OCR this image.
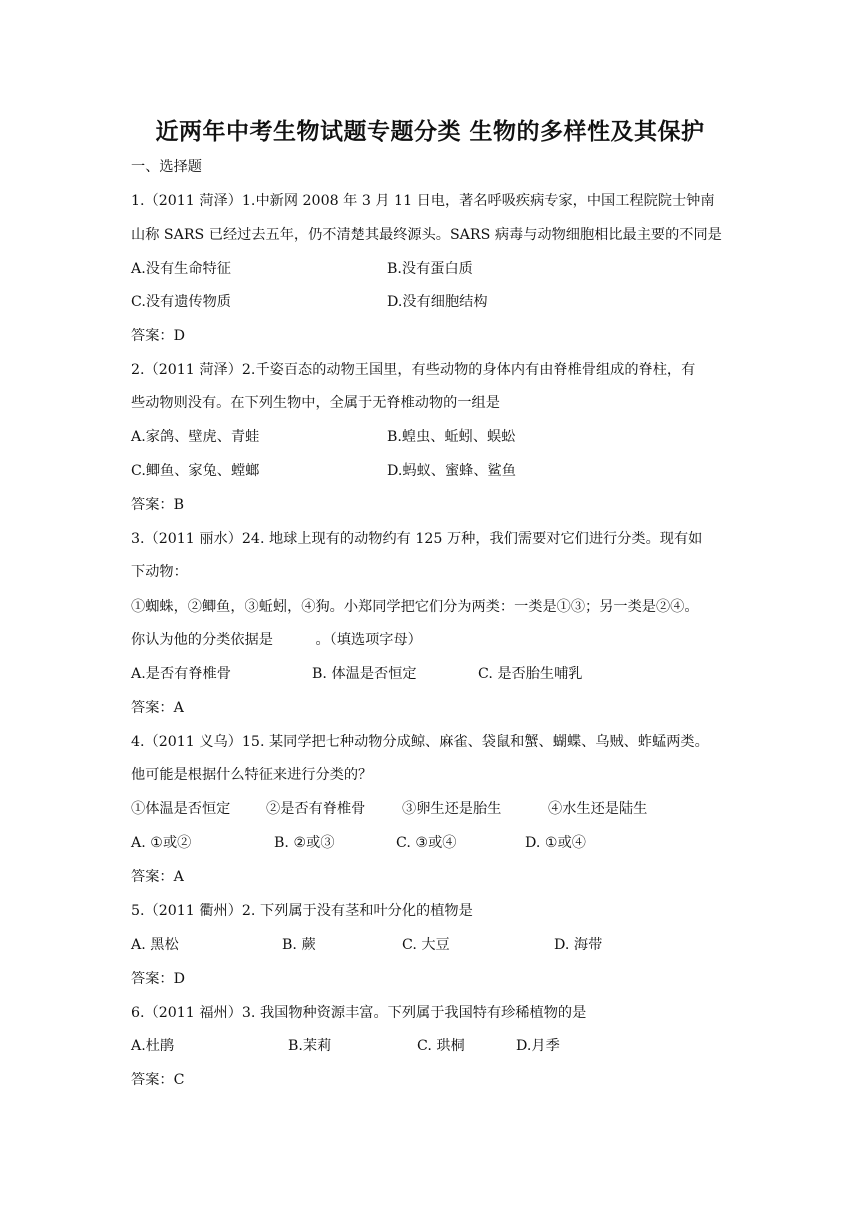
近两年中考生物试题专题分类 生物的多样性及其保护
一、选择题
1.（2011 菏泽）1.中新网 2008 年 3 月 11 日电，著名呼吸疾病专家，中国工程院院士钟南
山称 SARS 已经过去五年，仍不清楚其最终源头。SARS 病毒与动物细胞相比最主要的不同是
A.没有生命特征	B.没有蛋白质
C.没有遗传物质	D.没有细胞结构
答案：D
2.（2011 菏泽）2.千姿百态的动物王国里，有些动物的身体内有由脊椎骨组成的脊柱，有
些动物则没有。在下列生物中，全属于无脊椎动物的一组是
A.家鸽、壁虎、青蛙	B.蝗虫、蚯蚓、蜈蚣
C.鲫鱼、家兔、螳螂	D.蚂蚁、蜜蜂、鲨鱼
答案：B
3.（2011 丽水）24. 地球上现有的动物约有 125 万种，我们需要对它们进行分类。现有如
下动物：
①蜘蛛，②鲫鱼，③蚯蚓，④狗。小郑同学把它们分为两类：一类是①③；另一类是②④。
你认为他的分类依据是　　　。（填选项字母）
A.是否有脊椎骨	B. 体温是否恒定	C. 是否胎生哺乳
答案：A
4.（2011 义乌）15. 某同学把七种动物分成鲸、麻雀、袋鼠和蟹、蝴蝶、乌贼、蚱蜢两类。
他可能是根据什么特征来进行分类的？
①体温是否恒定	②是否有脊椎骨	③卵生还是胎生	④水生还是陆生
A. ①或②	B. ②或③	C. ③或④	D. ①或④
答案：A
5.（2011 衢州）2. 下列属于没有茎和叶分化的植物是
A. 黑松	B. 蕨	C. 大豆	D. 海带
答案：D
6.（2011 福州）3. 我国物种资源丰富。下列属于我国特有珍稀植物的是
A.杜鹃	B.茉莉	C. 珙桐	D.月季
答案：C
